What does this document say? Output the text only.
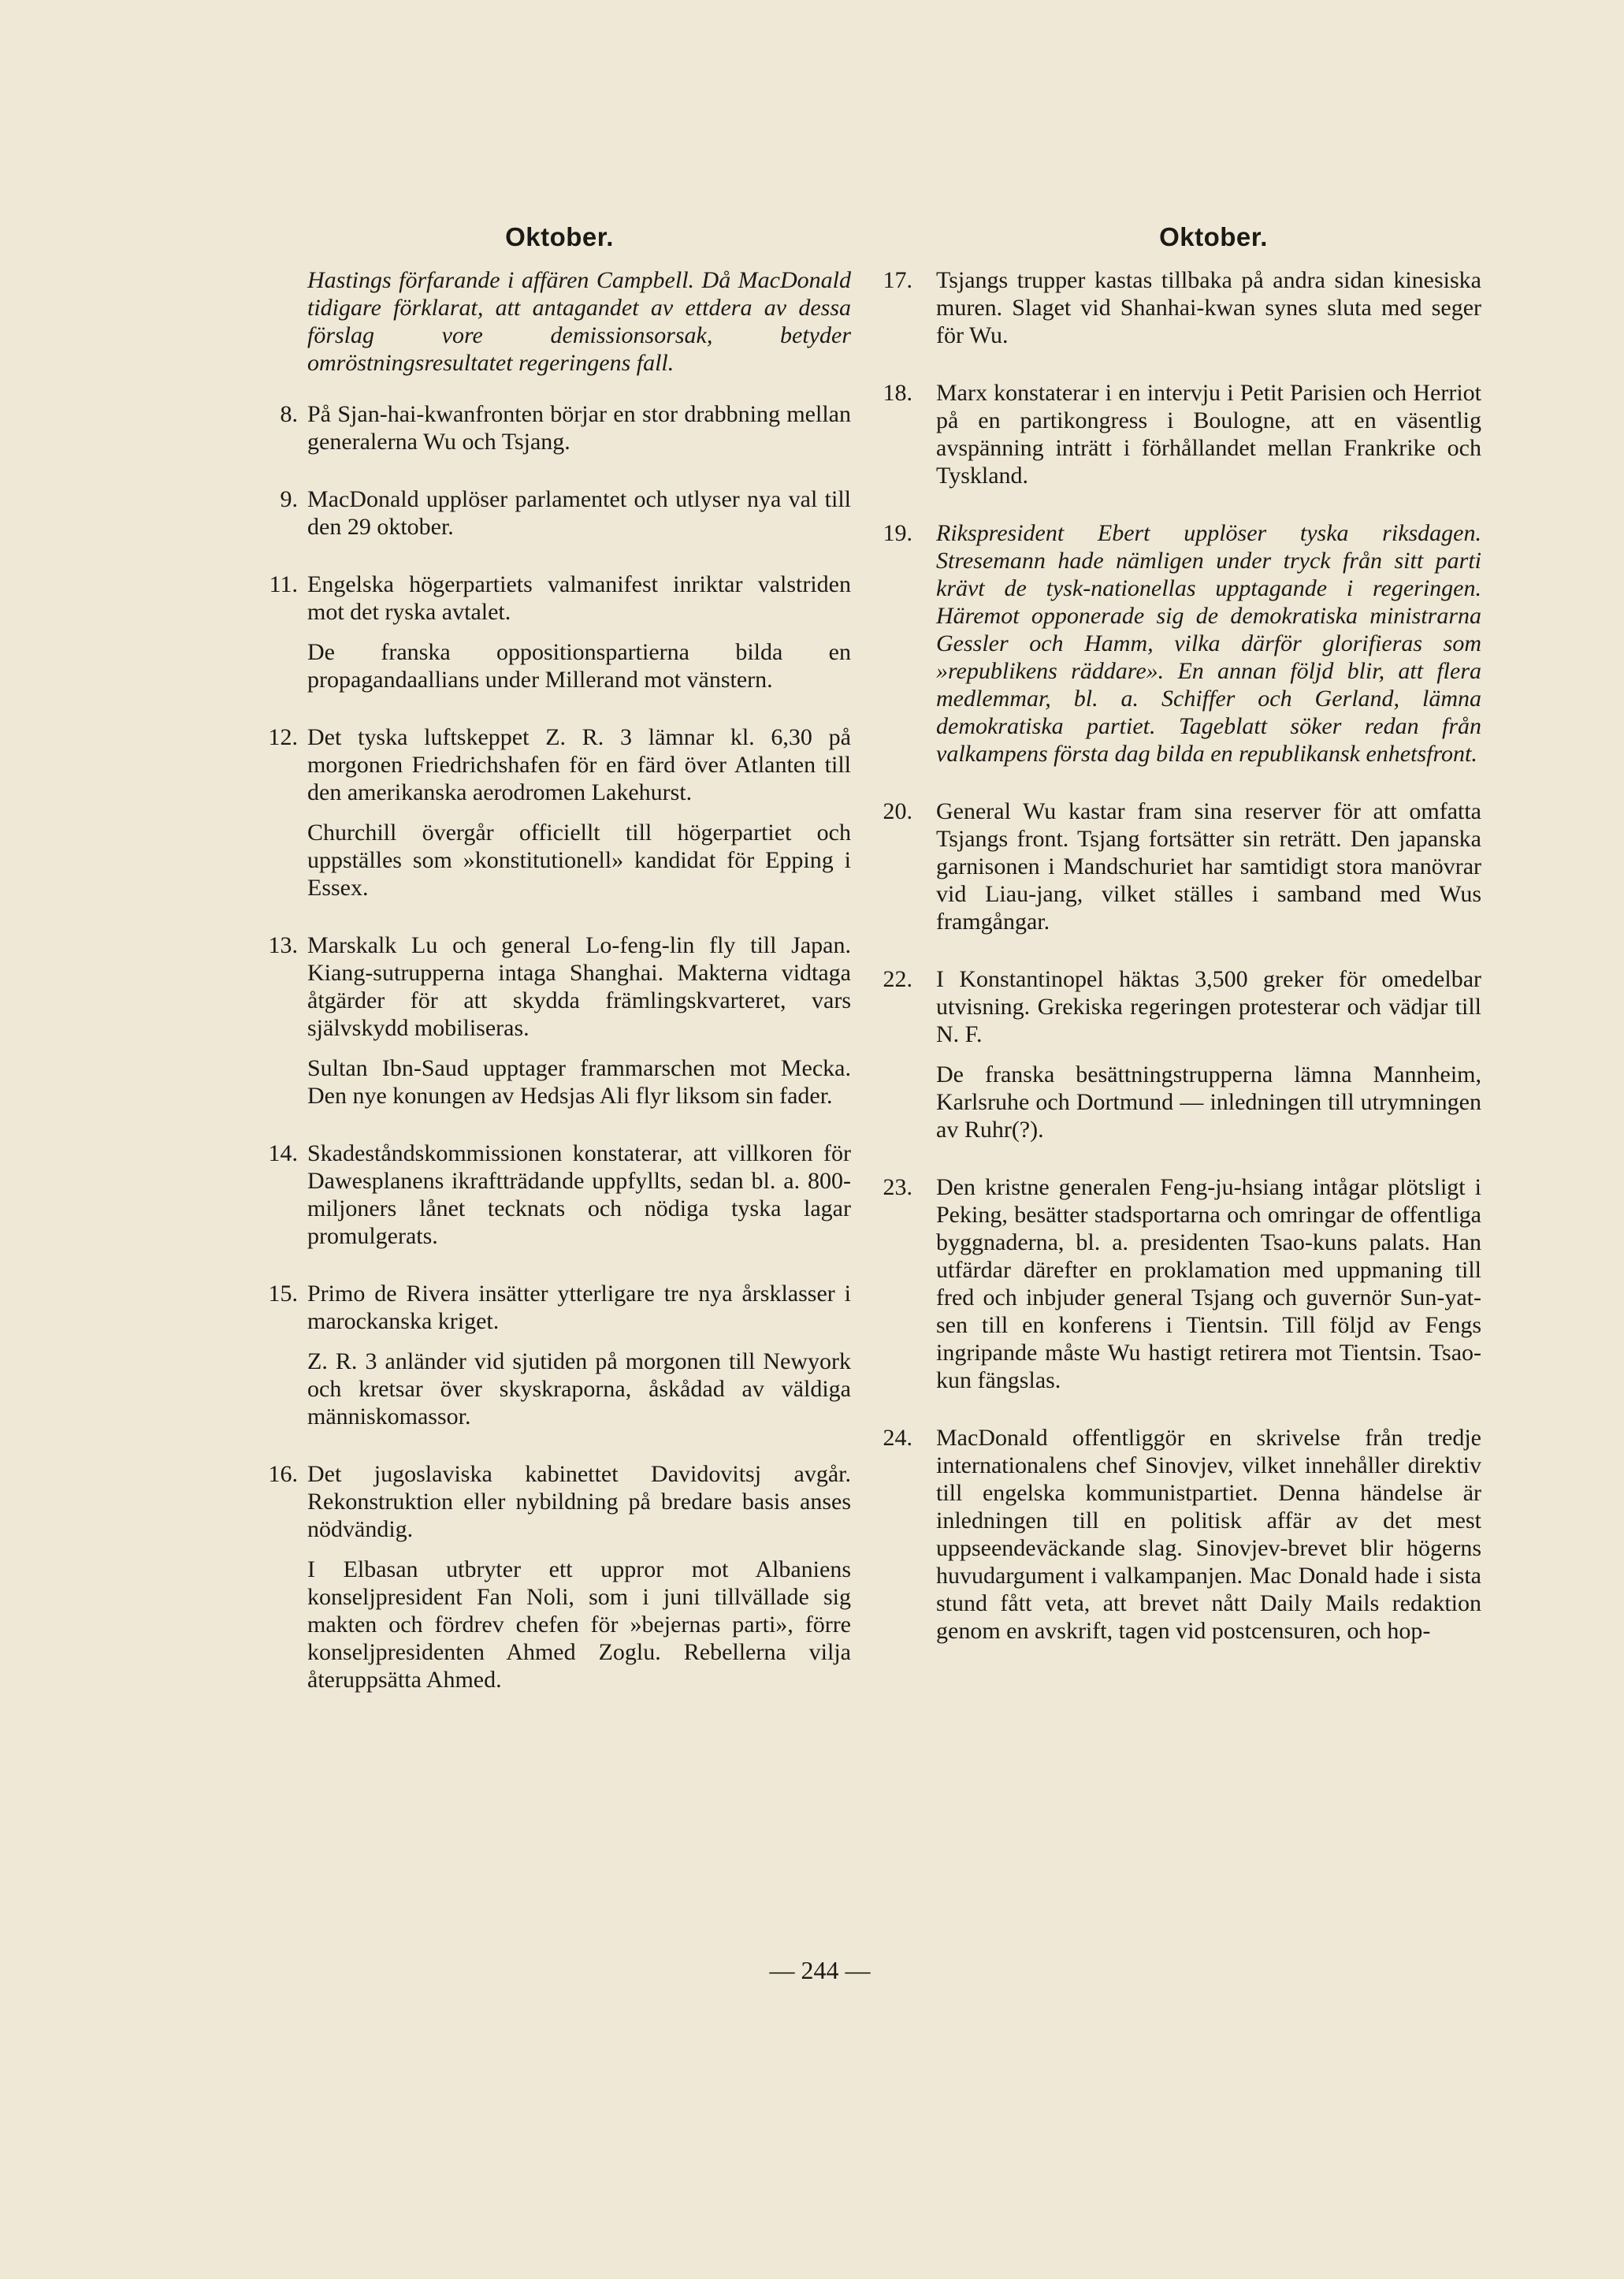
Oktober.

Hastings förfarande i affären Campbell. Då MacDonald tidigare förklarat, att antagandet av ettdera av dessa förslag vore demissionsorsak, betyder omröstningsresultatet regeringens fall.

8. På Sjan-hai-kwanfronten börjar en stor drabbning mellan generalerna Wu och Tsjang.

9. MacDonald upplöser parlamentet och utlyser nya val till den 29 oktober.

11. Engelska högerpartiets valmanifest inriktar valstriden mot det ryska avtalet.

De franska oppositionspartierna bilda en propagandaallians under Millerand mot vänstern.

12. Det tyska luftskeppet Z. R. 3 lämnar kl. 6,30 på morgonen Friedrichshafen för en färd över Atlanten till den amerikanska aerodromen Lakehurst.

Churchill övergår officiellt till högerpartiet och uppställes som »konstitutionell» kandidat för Epping i Essex.

13. Marskalk Lu och general Lo-feng-lin fly till Japan. Kiang-sutrupperna intaga Shanghai. Makterna vidtaga åtgärder för att skydda främlingskvarteret, vars självskydd mobiliseras.

Sultan Ibn-Saud upptager frammarschen mot Mecka. Den nye konungen av Hedsjas Ali flyr liksom sin fader.

14. Skadeståndskommissionen konstaterar, att villkoren för Dawesplanens ikraftträdande uppfyllts, sedan bl. a. 800-miljoners lånet tecknats och nödiga tyska lagar promulgerats.

15. Primo de Rivera insätter ytterligare tre nya årsklasser i marockanska kriget.

Z. R. 3 anländer vid sjutiden på morgonen till Newyork och kretsar över skyskraporna, åskådad av väldiga människomassor.

16. Det jugoslaviska kabinettet Davidovitsj avgår. Rekonstruktion eller nybildning på bredare basis anses nödvändig.

I Elbasan utbryter ett uppror mot Albaniens konseljpresident Fan Noli, som i juni tillvällade sig makten och fördrev chefen för »bejernas parti», förre konseljpresidenten Ahmed Zoglu. Rebellerna vilja återuppsätta Ahmed.

Oktober.
17. Tsjangs trupper kastas tillbaka på andra sidan kinesiska muren. Slaget vid Shanhai-kwan synes sluta med seger för Wu.

18. Marx konstaterar i en intervju i Petit Parisien och Herriot på en partikongress i Boulogne, att en väsentlig avspänning inträtt i förhållandet mellan Frankrike och Tyskland.

19. Rikspresident Ebert upplöser tyska riksdagen. Stresemann hade nämligen under tryck från sitt parti krävt de tysk-nationellas upptagande i regeringen. Häremot opponerade sig de demokratiska ministrarna Gessler och Hamm, vilka därför glorifieras som »republikens räddare». En annan följd blir, att flera medlemmar, bl. a. Schiffer och Gerland, lämna demokratiska partiet. Tageblatt söker redan från valkampens första dag bilda en republikansk enhetsfront.

20. General Wu kastar fram sina reserver för att omfatta Tsjangs front. Tsjang fortsätter sin reträtt. Den japanska garnisonen i Mandschuriet har samtidigt stora manövrar vid Liau-jang, vilket ställes i samband med Wus framgångar.

22. I Konstantinopel häktas 3,500 greker för omedelbar utvisning. Grekiska regeringen protesterar och vädjar till N. F.

De franska besättningstrupperna lämna Mannheim, Karlsruhe och Dortmund — inledningen till utrymningen av Ruhr(?).

23. Den kristne generalen Feng-ju-hsiang intågar plötsligt i Peking, besätter stadsportarna och omringar de offentliga byggnaderna, bl. a. presidenten Tsao-kuns palats. Han utfärdar därefter en proklamation med uppmaning till fred och inbjuder general Tsjang och guvernör Sun-yat-sen till en konferens i Tientsin. Till följd av Fengs ingripande måste Wu hastigt retirera mot Tientsin. Tsao-kun fängslas.

24. MacDonald offentliggör en skrivelse från tredje internationalens chef Sinovjev, vilket innehåller direktiv till engelska kommunistpartiet. Denna händelse är inledningen till en politisk affär av det mest uppseendeväckande slag. Sinovjev-brevet blir högerns huvudargument i valkampanjen. Mac Donald hade i sista stund fått veta, att brevet nått Daily Mails redaktion genom en avskrift, tagen vid postcensuren, och hop-

— 244 —
